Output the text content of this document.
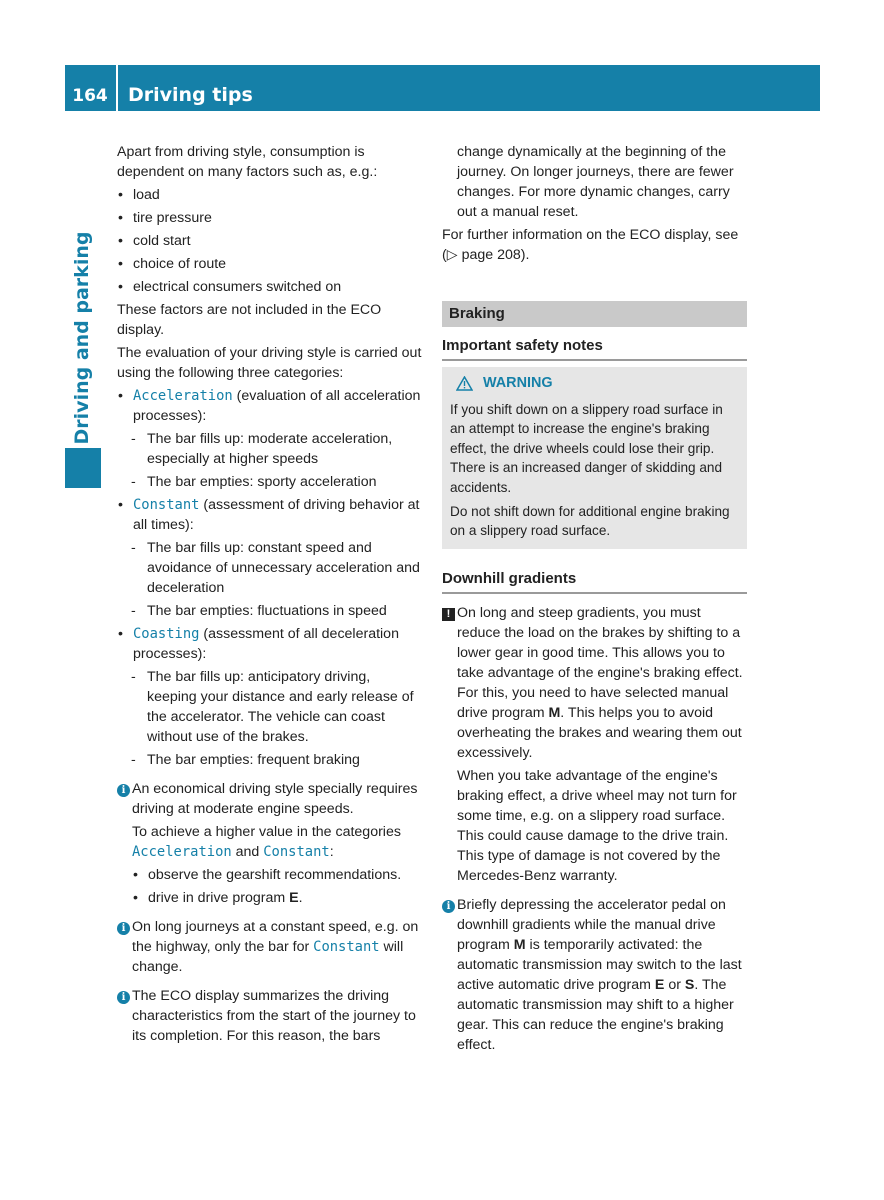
164	Driving tips
Driving and parking

Apart from driving style, consumption is dependent on many factors such as, e.g.:

• load
• tire pressure
• cold start
• choice of route
• electrical consumers switched on

These factors are not included in the ECO display.

The evaluation of your driving style is carried out using the following three categories:

• Acceleration (evaluation of all acceleration processes):
- The bar fills up: moderate acceleration, especially at higher speeds
- The bar empties: sporty acceleration
• Constant (assessment of driving behavior at all times):
- The bar fills up: constant speed and avoidance of unnecessary acceleration and deceleration
- The bar empties: fluctuations in speed
• Coasting (assessment of all deceleration processes):
- The bar fills up: anticipatory driving, keeping your distance and early release of the accelerator. The vehicle can coast without use of the brakes.
- The bar empties: frequent braking
i An economical driving style specially requires driving at moderate engine speeds.

To achieve a higher value in the categories Acceleration and Constant:

• observe the gearshift recommendations.
• drive in drive program E.
i On long journeys at a constant speed, e.g. on the highway, only the bar for Constant will change.
i The ECO display summarizes the driving characteristics from the start of the journey to its completion. For this reason, the bars

change dynamically at the beginning of the journey. On longer journeys, there are fewer changes. For more dynamic changes, carry out a manual reset.

For further information on the ECO display, see (▷ page 208).

Braking
Important safety notes
WARNING

If you shift down on a slippery road surface in an attempt to increase the engine's braking effect, the drive wheels could lose their grip. There is an increased danger of skidding and accidents.

Do not shift down for additional engine braking on a slippery road surface.

Downhill gradients
! On long and steep gradients, you must reduce the load on the brakes by shifting to a lower gear in good time. This allows you to take advantage of the engine's braking effect. For this, you need to have selected manual drive program M. This helps you to avoid overheating the brakes and wearing them out excessively.

When you take advantage of the engine's braking effect, a drive wheel may not turn for some time, e.g. on a slippery road surface. This could cause damage to the drive train. This type of damage is not covered by the Mercedes-Benz warranty.

i Briefly depressing the accelerator pedal on downhill gradients while the manual drive program M is temporarily activated: the automatic transmission may switch to the last active automatic drive program E or S. The automatic transmission may shift to a higher gear. This can reduce the engine's braking effect.
